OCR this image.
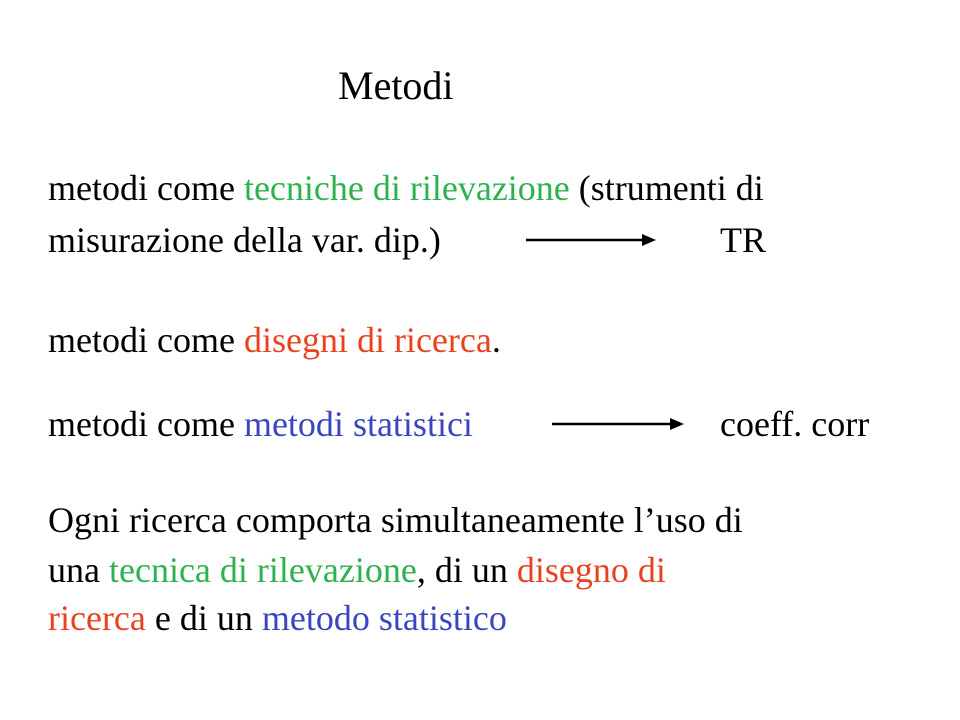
Metodi
metodi come tecniche di rilevazione (strumenti di
misurazione della var. dip.)	TR
metodi come disegni di ricerca.
metodi come metodi statistici	coeff. corr
Ogni ricerca comporta simultaneamente l’uso di
una tecnica di rilevazione, di un disegno di
ricerca e di un metodo statistico
